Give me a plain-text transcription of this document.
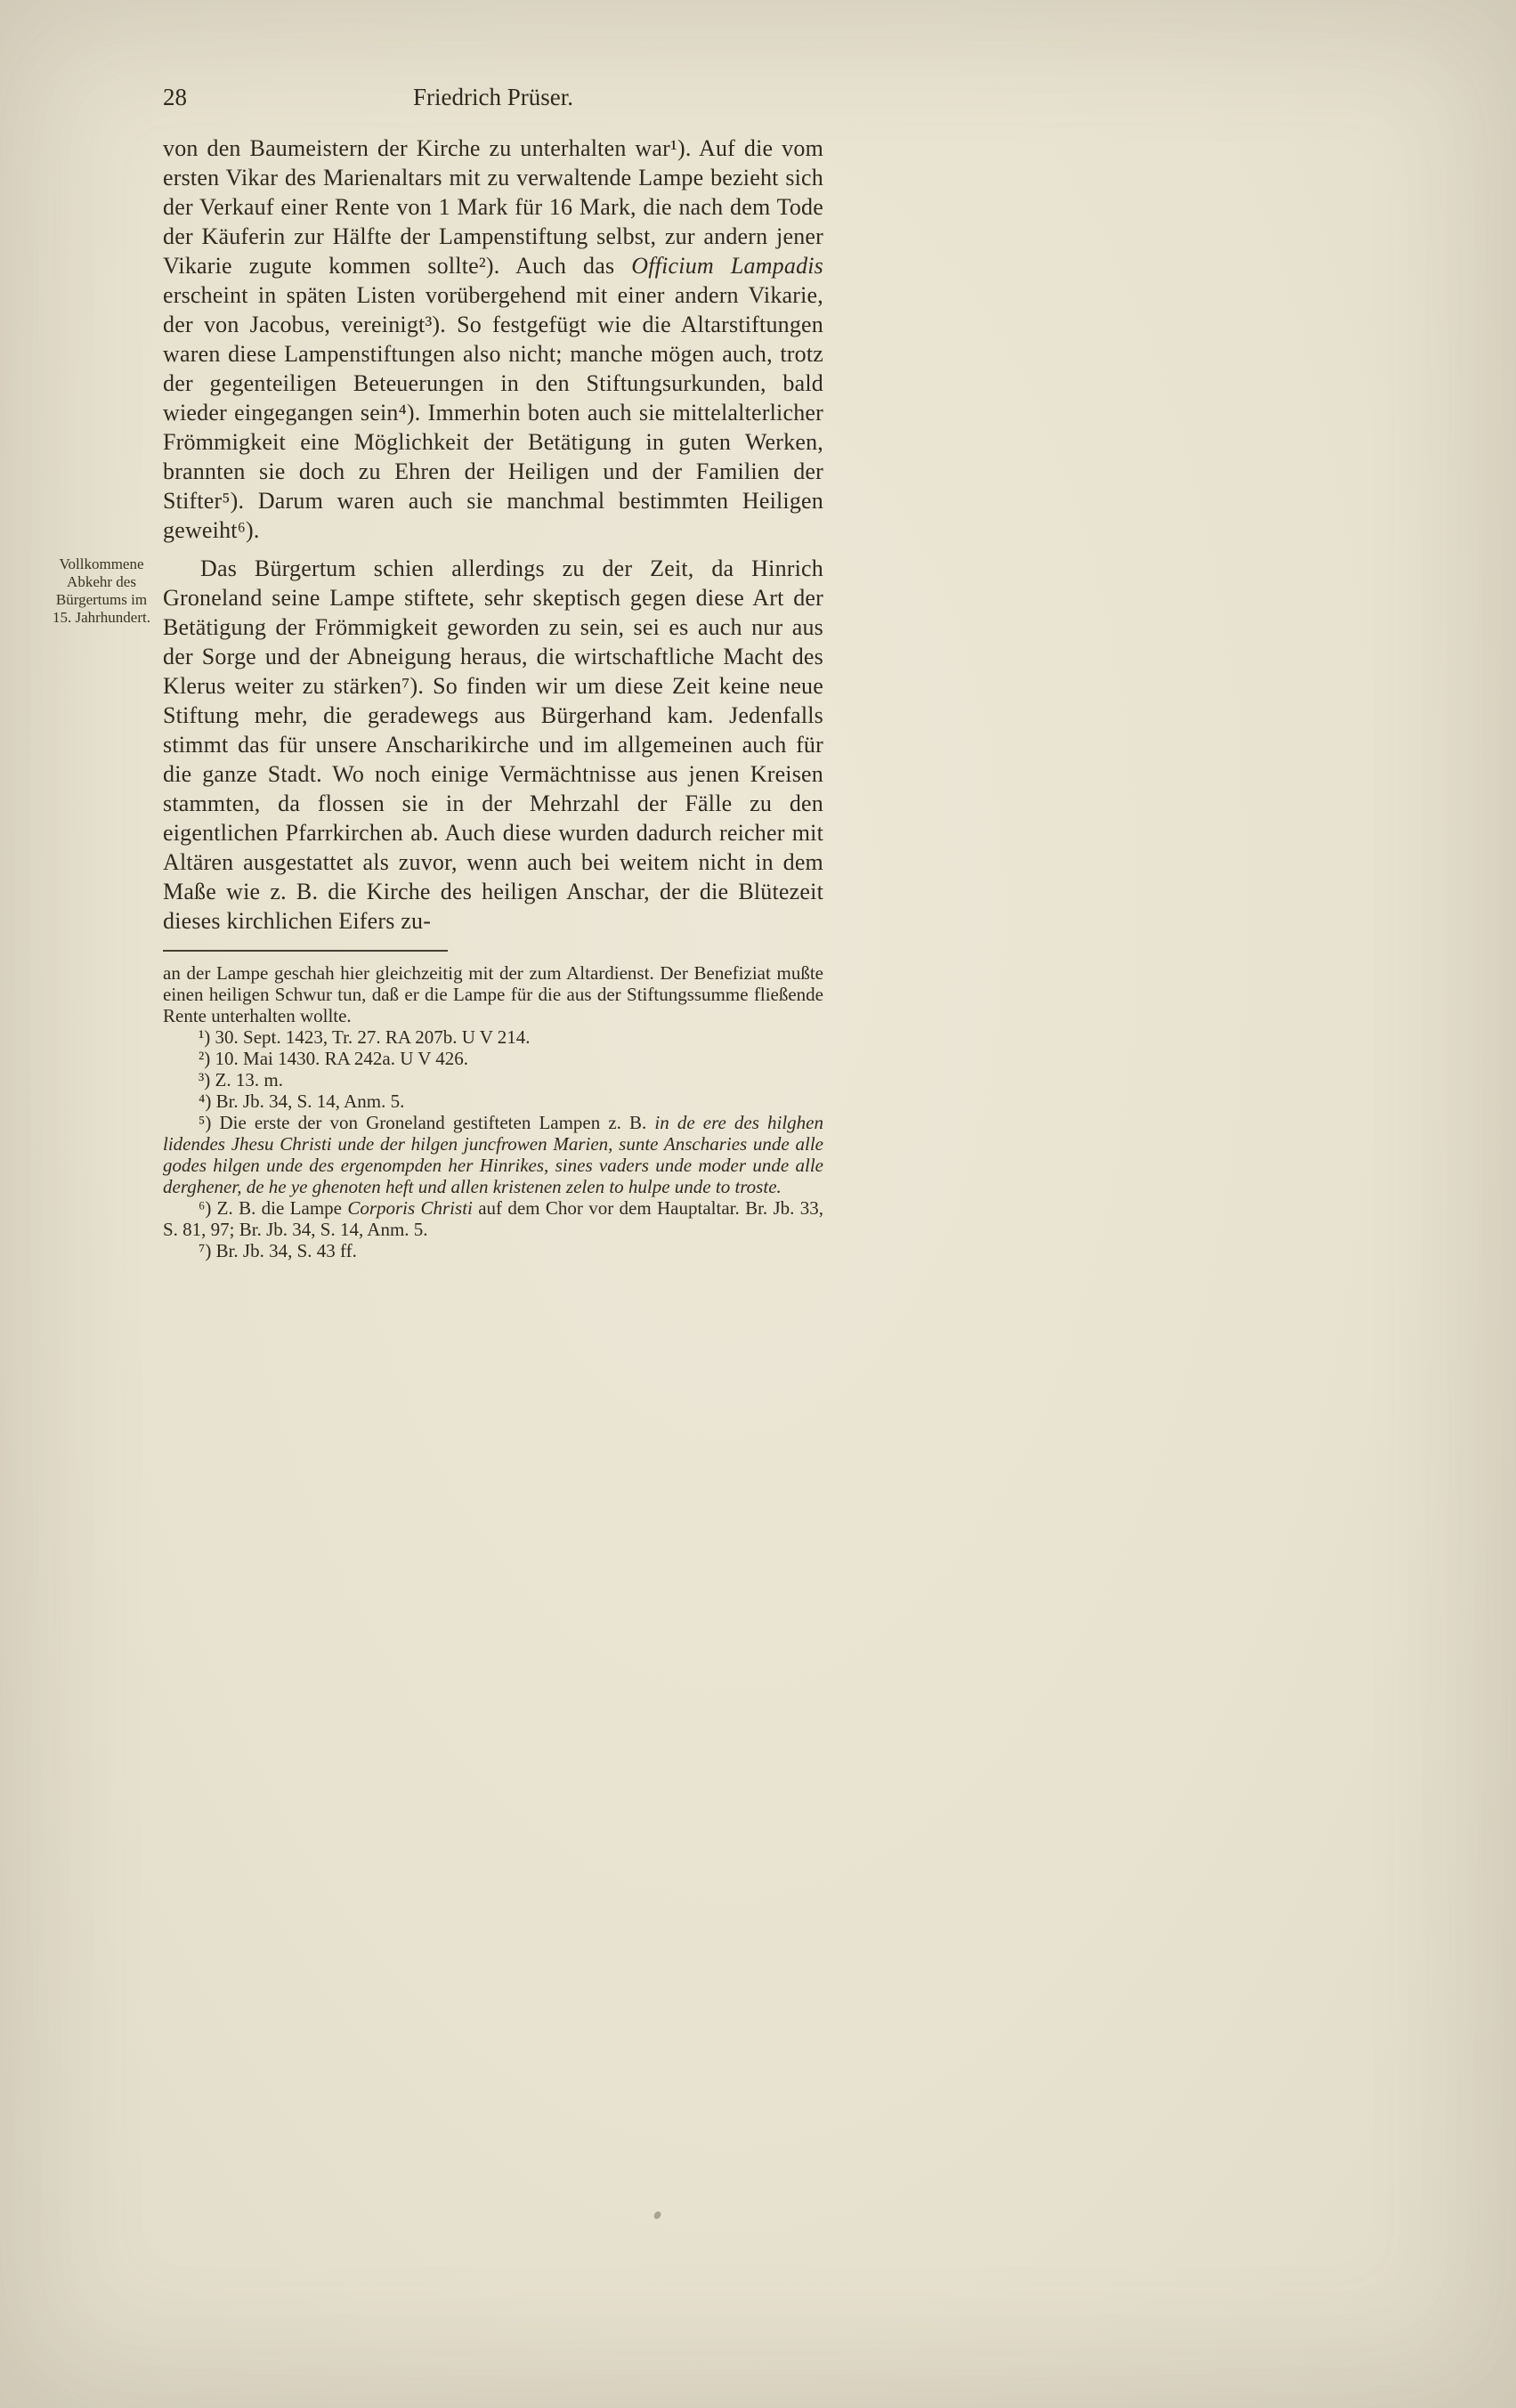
28	Friedrich Prüser.

von den Baumeistern der Kirche zu unterhalten war¹). Auf die vom ersten Vikar des Marienaltars mit zu verwaltende Lampe bezieht sich der Verkauf einer Rente von 1 Mark für 16 Mark, die nach dem Tode der Käuferin zur Hälfte der Lampenstiftung selbst, zur andern jener Vikarie zugute kommen sollte²). Auch das Officium Lampadis erscheint in späten Listen vorübergehend mit einer andern Vikarie, der von Jacobus, vereinigt³). So festgefügt wie die Altarstiftungen waren diese Lampenstiftungen also nicht; manche mögen auch, trotz der gegenteiligen Beteuerungen in den Stiftungsurkunden, bald wieder eingegangen sein⁴). Immerhin boten auch sie mittelalterlicher Frömmigkeit eine Möglichkeit der Betätigung in guten Werken, brannten sie doch zu Ehren der Heiligen und der Familien der Stifter⁵). Darum waren auch sie manchmal bestimmten Heiligen geweiht⁶).

Vollkommene
Abkehr des
Bürgertums im
15. Jahrhundert.

Das Bürgertum schien allerdings zu der Zeit, da Hinrich Groneland seine Lampe stiftete, sehr skeptisch gegen diese Art der Betätigung der Frömmigkeit geworden zu sein, sei es auch nur aus der Sorge und der Abneigung heraus, die wirtschaftliche Macht des Klerus weiter zu stärken⁷). So finden wir um diese Zeit keine neue Stiftung mehr, die geradewegs aus Bürgerhand kam. Jedenfalls stimmt das für unsere Anscharikirche und im allgemeinen auch für die ganze Stadt. Wo noch einige Vermächtnisse aus jenen Kreisen stammten, da flossen sie in der Mehrzahl der Fälle zu den eigentlichen Pfarrkirchen ab. Auch diese wurden dadurch reicher mit Altären ausgestattet als zuvor, wenn auch bei weitem nicht in dem Maße wie z. B. die Kirche des heiligen Anschar, der die Blütezeit dieses kirchlichen Eifers zu-

an der Lampe geschah hier gleichzeitig mit der zum Altardienst. Der Benefiziat mußte einen heiligen Schwur tun, daß er die Lampe für die aus der Stiftungssumme fließende Rente unterhalten wollte.

¹) 30. Sept. 1423, Tr. 27. RA 207b. U V 214.

²) 10. Mai 1430. RA 242a. U V 426.

³) Z. 13. m.

⁴) Br. Jb. 34, S. 14, Anm. 5.

⁵) Die erste der von Groneland gestifteten Lampen z. B. in de ere des hilghen lidendes Jhesu Christi unde der hilgen juncfrowen Marien, sunte Anscharies unde alle godes hilgen unde des ergenompden her Hinrikes, sines vaders unde moder unde alle derghener, de he ye ghenoten heft und allen kristenen zelen to hulpe unde to troste.

⁶) Z. B. die Lampe Corporis Christi auf dem Chor vor dem Hauptaltar. Br. Jb. 33, S. 81, 97; Br. Jb. 34, S. 14, Anm. 5.

⁷) Br. Jb. 34, S. 43 ff.
